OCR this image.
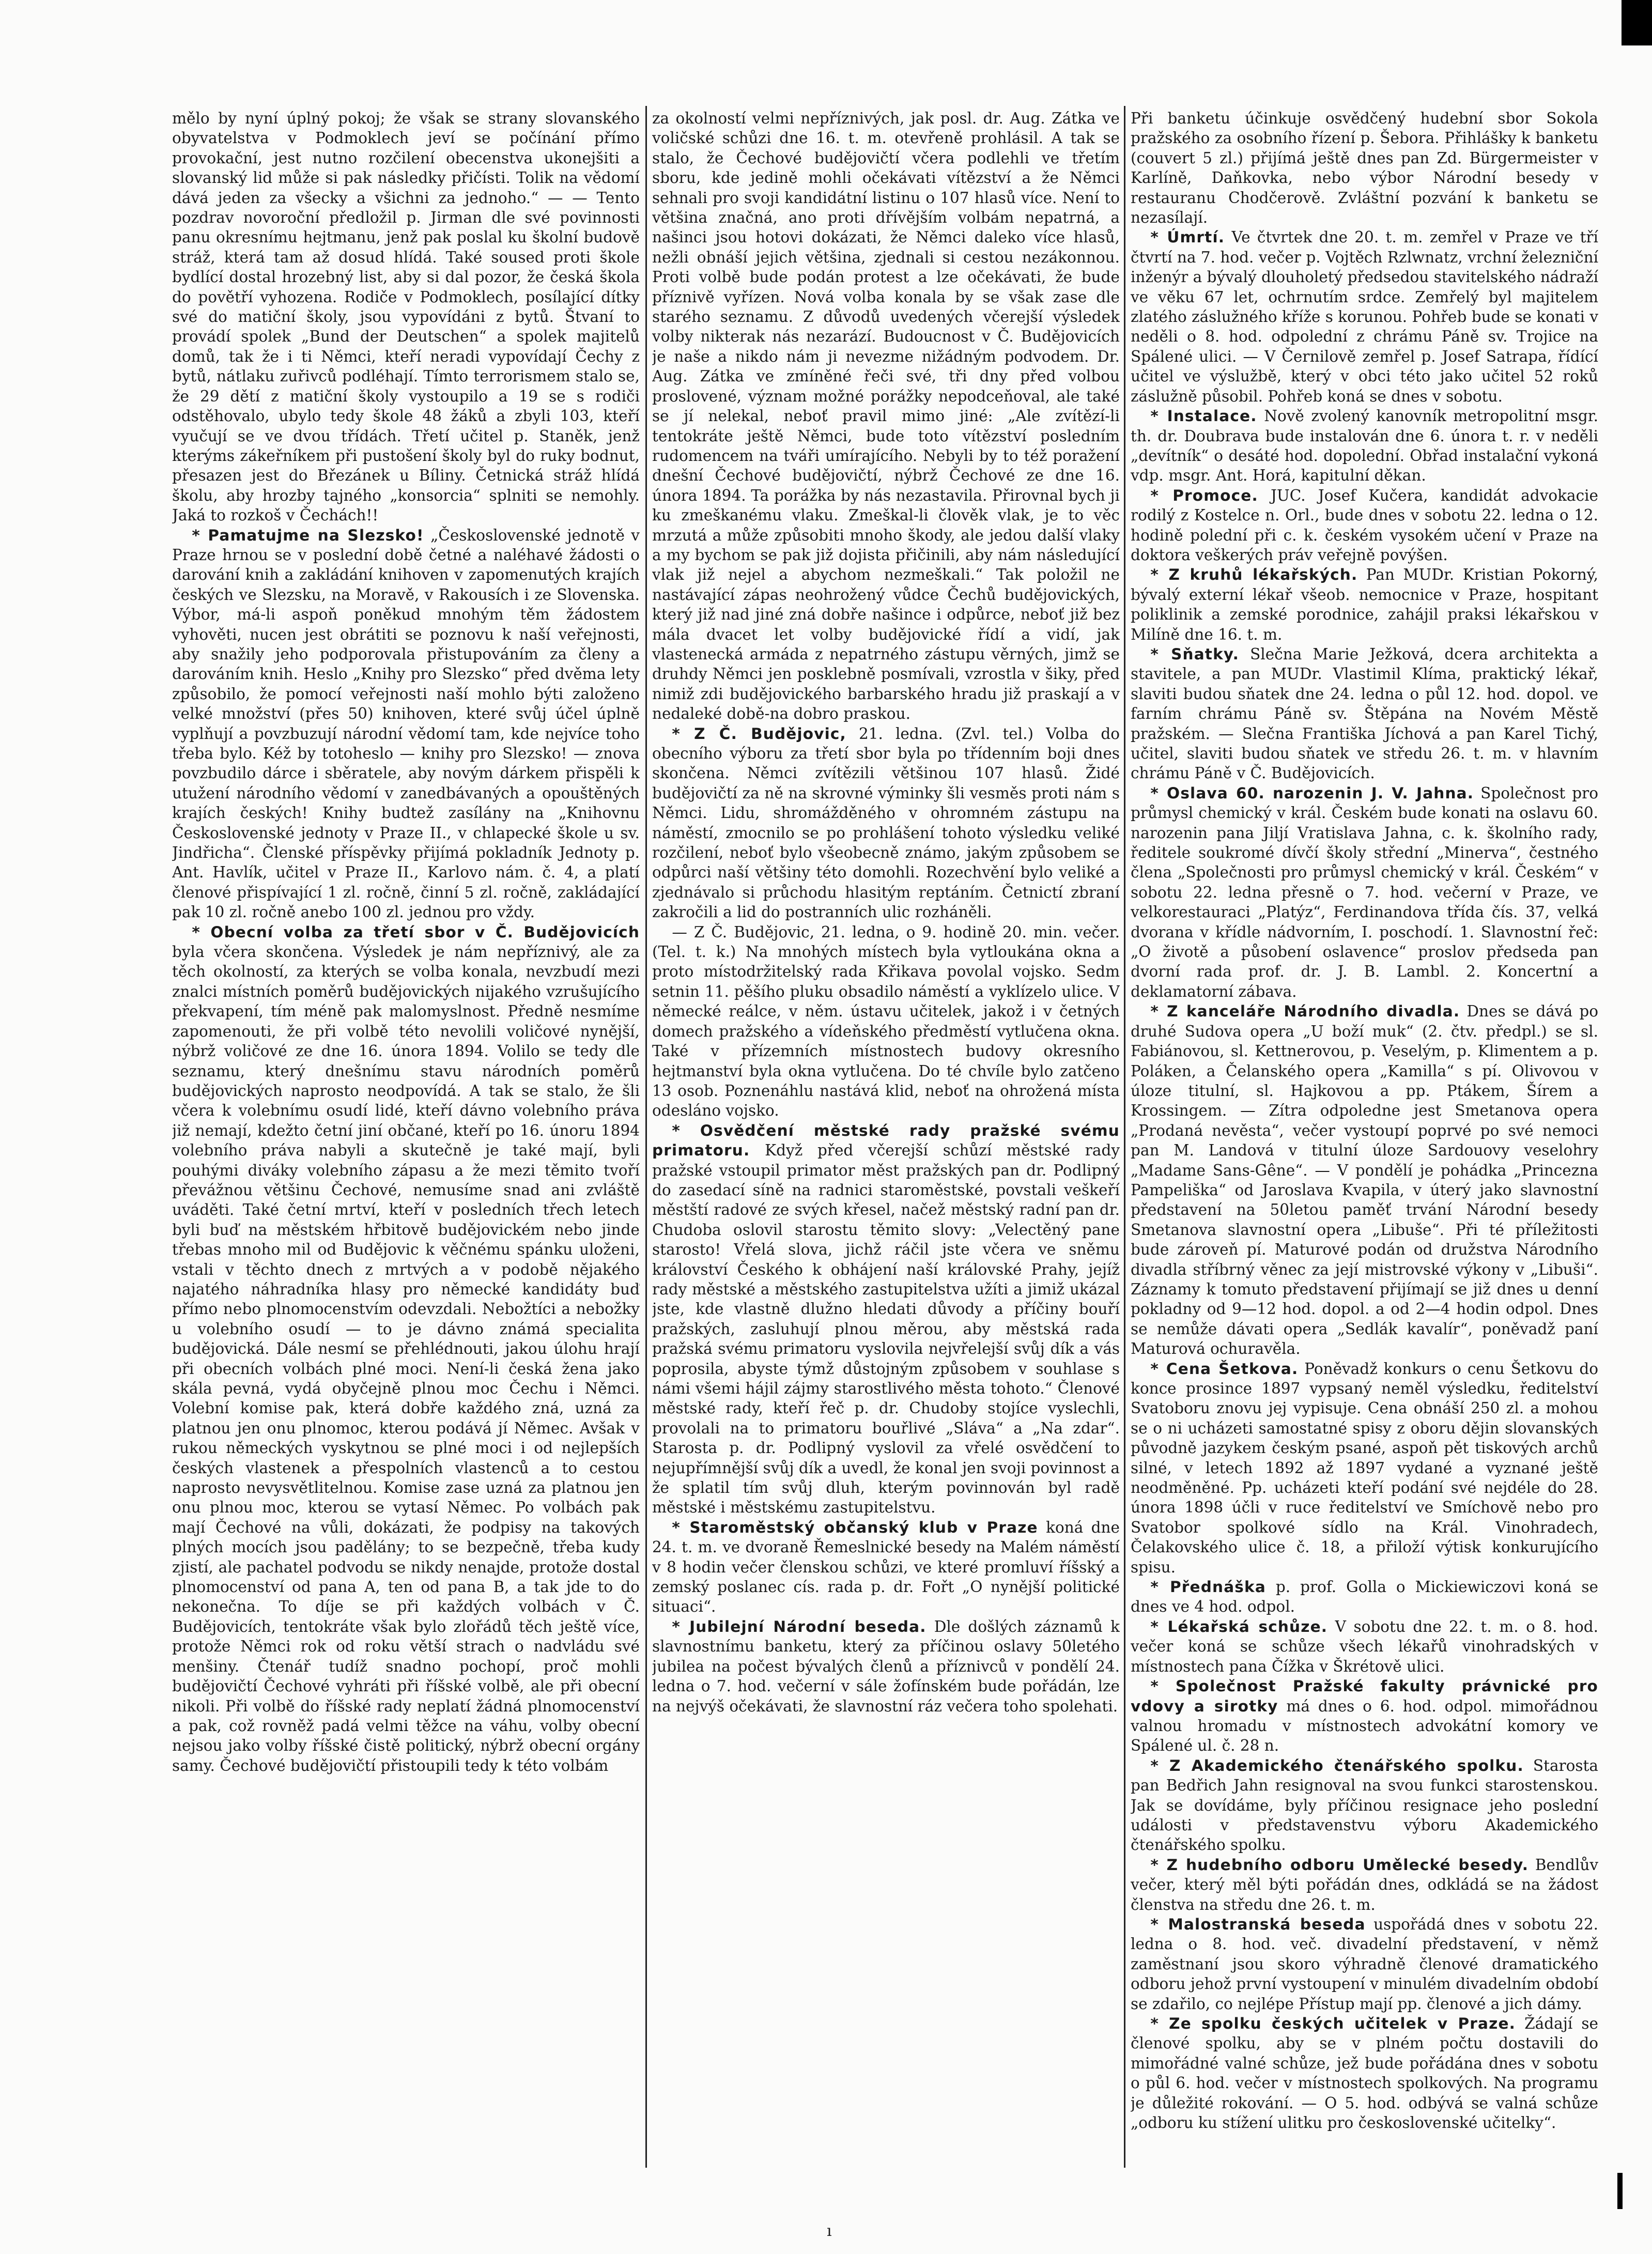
mělo by nyní úplný pokoj; že však se strany slovanského obyvatelstva v Podmoklech jeví se počínání přímo provokační, jest nutno rozčilení obecenstva ukonejšiti a slovanský lid může si pak následky přičísti. Tolik na vědomí dává jeden za všecky a všichni za jednoho.“ — — Tento pozdrav novoroční předložil p. Jirman dle své povinnosti panu okresnímu hejtmanu, jenž pak poslal ku školní budově stráž, která tam až dosud hlídá. Také soused proti škole bydlící dostal hrozebný list, aby si dal pozor, že česká škola do povětří vyhozena. Rodiče v Podmoklech, posílající dítky své do matiční školy, jsou vypovídáni z bytů. Štvaní to provádí spolek „Bund der Deutschen“ a spolek majitelů domů, tak že i ti Němci, kteří neradi vypovídají Čechy z bytů, nátlaku zuřivců podléhají. Tímto terrorismem stalo se, že 29 dětí z matiční školy vystoupilo a 19 se s rodiči odstěhovalo, ubylo tedy škole 48 žáků a zbyli 103, kteří vyučují se ve dvou třídách. Třetí učitel p. Staněk, jenž kterýms zákeřníkem při pustošení školy byl do ruky bodnut, přesazen jest do Březánek u Bíliny. Četnická stráž hlídá školu, aby hrozby tajného „konsorcia“ splniti se nemohly. Jaká to rozkoš v Čechách!!

* Pamatujme na Slezsko! „Československé jednotě v Praze hrnou se v poslední době četné a naléhavé žádosti o darování knih a zakládání knihoven v zapomenutých krajích českých ve Slezsku, na Moravě, v Rakousích i ze Slovenska. Výbor, má-li aspoň poněkud mnohým těm žádostem vyhověti, nucen jest obrátiti se poznovu k naší veřejnosti, aby snažily jeho podporovala přistupováním za členy a darováním knih. Heslo „Knihy pro Slezsko“ před dvěma lety způsobilo, že pomocí veřejnosti naší mohlo býti založeno velké množství (přes 50) knihoven, které svůj účel úplně vyplňují a povzbuzují národní vědomí tam, kde nejvíce toho třeba bylo. Kéž by totoheslo — knihy pro Slezsko! — znova povzbudilo dárce i sběratele, aby novým dárkem přispěli k utužení národního vědomí v zanedbávaných a opouštěných krajích českých! Knihy budtež zasílány na „Knihovnu Československé jednoty v Praze II., v chlapecké škole u sv. Jindřicha“. Členské příspěvky přijímá pokladník Jednoty p. Ant. Havlík, učitel v Praze II., Karlovo nám. č. 4, a platí členové přispívající 1 zl. ročně, činní 5 zl. ročně, zakládající pak 10 zl. ročně anebo 100 zl. jednou pro vždy.

* Obecní volba za třetí sbor v Č. Budějovicích byla včera skončena. Výsledek je nám nepříznivý, ale za těch okolností, za kterých se volba konala, nevzbudí mezi znalci místních poměrů budějovických nijakého vzrušujícího překvapení, tím méně pak malomyslnost. Předně nesmíme zapomenouti, že při volbě této nevolili voličové nynější, nýbrž voličové ze dne 16. února 1894. Volilo se tedy dle seznamu, který dnešnímu stavu národních poměrů budějovických naprosto neodpovídá. A tak se stalo, že šli včera k volebnímu osudí lidé, kteří dávno volebního práva již nemají, kdežto četní jiní občané, kteří po 16. únoru 1894 volebního práva nabyli a skutečně je také mají, byli pouhými diváky volebního zápasu a že mezi těmito tvoří převážnou většinu Čechové, nemusíme snad ani zvláště uváděti. Také četní mrtví, kteří v posledních třech letech byli buď na městském hřbitově budějovickém nebo jinde třebas mnoho mil od Budějovic k věčnému spánku uloženi, vstali v těchto dnech z mrtvých a v podobě nějakého najatého náhradníka hlasy pro německé kandidáty buď přímo nebo plnomocenstvím odevzdali. Nebožtíci a nebožky u volebního osudí — to je dávno známá specialita budějovická. Dále nesmí se přehlédnouti, jakou úlohu hrají při obecních volbách plné moci. Není-li česká žena jako skála pevná, vydá obyčejně plnou moc Čechu i Němci. Volební komise pak, která dobře každého zná, uzná za platnou jen onu plnomoc, kterou podává jí Němec. Avšak v rukou německých vyskytnou se plné moci i od nejlepších českých vlastenek a přespolních vlastenců a to cestou naprosto nevysvětlitelnou. Komise zase uzná za platnou jen onu plnou moc, kterou se vytasí Němec. Po volbách pak mají Čechové na vůli, dokázati, že podpisy na takových plných mocích jsou padělány; to se bezpečně, třeba kudy zjistí, ale pachatel podvodu se nikdy nenajde, protože dostal plnomocenství od pana A, ten od pana B, a tak jde to do nekonečna. To díje se při každých volbách v Č. Budějovicích, tentokráte však bylo zlořádů těch ještě více, protože Němci rok od roku větší strach o nadvládu své menšiny. Čtenář tudíž snadno pochopí, proč mohli budějovičtí Čechové vyhráti při říšské volbě, ale při obecní nikoli. Při volbě do říšské rady neplatí žádná plnomocenství a pak, což rovněž padá velmi těžce na váhu, volby obecní nejsou jako volby říšské čistě politický, nýbrž obecní orgány samy. Čechové budějovičtí přistoupili tedy k této volbám

za okolností velmi nepříznivých, jak posl. dr. Aug. Zátka ve voličské schůzi dne 16. t. m. otevřeně prohlásil. A tak se stalo, že Čechové budějovičtí včera podlehli ve třetím sboru, kde jedině mohli očekávati vítězství a že Němci sehnali pro svoji kandidátní listinu o 107 hlasů více. Není to většina značná, ano proti dřívějším volbám nepatrná, a našinci jsou hotovi dokázati, že Němci daleko více hlasů, nežli obnáší jejich většina, zjednali si cestou nezákonnou. Proti volbě bude podán protest a lze očekávati, že bude příznivě vyřízen. Nová volba konala by se však zase dle starého seznamu. Z důvodů uvedených včerejší výsledek volby nikterak nás nezarází. Budoucnost v Č. Budějovicích je naše a nikdo nám ji nevezme nižádným podvodem. Dr. Aug. Zátka ve zmíněné řeči své, tři dny před volbou proslovené, význam možné porážky nepodceňoval, ale také se jí nelekal, neboť pravil mimo jiné: „Ale zvítězí-li tentokráte ještě Němci, bude toto vítězství posledním rudomencem na tváři umírajícího. Nebyli by to též poražení dnešní Čechové budějovičtí, nýbrž Čechové ze dne 16. února 1894. Ta porážka by nás nezastavila. Přirovnal bych ji ku zmeškanému vlaku. Zmeškal-li člověk vlak, je to věc mrzutá a může způsobiti mnoho škody, ale jedou další vlaky a my bychom se pak již dojista přičinili, aby nám následující vlak již nejel a abychom nezmeškali.“ Tak položil ne nastávající zápas neohrožený vůdce Čechů budějovických, který již nad jiné zná dobře našince i odpůrce, neboť již bez mála dvacet let volby budějovické řídí a vidí, jak vlastenecká armáda z nepatrného zástupu věrných, jimž se druhdy Němci jen posklebně posmívali, vzrostla v šiky, před nimiž zdi budějovického barbarského hradu již praskají a v nedaleké době-na dobro praskou.

* Z Č. Budějovic, 21. ledna. (Zvl. tel.) Volba do obecního výboru za třetí sbor byla po třídenním boji dnes skončena. Němci zvítězili většinou 107 hlasů. Židé budějovičtí za ně na skrovné výminky šli vesměs proti nám s Němci. Lidu, shromážděného v ohromném zástupu na náměstí, zmocnilo se po prohlášení tohoto výsledku veliké rozčilení, neboť bylo všeobecně známo, jakým způsobem se odpůrci naší většiny této domohli. Rozechvění bylo veliké a zjednávalo si průchodu hlasitým reptáním. Četnictí zbraní zakročili a lid do postranních ulic rozháněli.

— Z Č. Budějovic, 21. ledna, o 9. hodině 20. min. večer. (Tel. t. k.) Na mnohých místech byla vytloukána okna a proto místodržitelský rada Křikava povolal vojsko. Sedm setnin 11. pěšího pluku obsadilo náměstí a vyklízelo ulice. V německé reálce, v něm. ústavu učitelek, jakož i v četných domech pražského a vídeňského předměstí vytlučena okna. Také v přízemních místnostech budovy okresního hejtmanství byla okna vytlučena. Do té chvíle bylo zatčeno 13 osob. Poznenáhlu nastává klid, neboť na ohrožená místa odesláno vojsko.

* Osvědčení městské rady pražské svému primatoru. Když před včerejší schůzí městské rady pražské vstoupil primator měst pražských pan dr. Podlipný do zasedací síně na radnici staroměstské, povstali veškeří městští radové ze svých křesel, načež městský radní pan dr. Chudoba oslovil starostu těmito slovy: „Velectěný pane starosto! Vřelá slova, jichž ráčil jste včera ve sněmu království Českého k obhájení naší královské Prahy, jejíž rady městské a městského zastupitelstva užíti a jimiž ukázal jste, kde vlastně dlužno hledati důvody a příčiny bouří pražských, zasluhují plnou měrou, aby městská rada pražská svému primatoru vyslovila nejvřelejší svůj dík a vás poprosila, abyste týmž důstojným způsobem v souhlase s námi všemi hájil zájmy starostlivého města tohoto.“ Členové městské rady, kteří řeč p. dr. Chudoby stojíce vyslechli, provolali na to primatoru bouřlivé „Sláva“ a „Na zdar“. Starosta p. dr. Podlipný vyslovil za vřelé osvědčení to nejupřímnější svůj dík a uvedl, že konal jen svoji povinnost a že splatil tím svůj dluh, kterým povinnován byl radě městské i městskému zastupitelstvu.

* Staroměstský občanský klub v Praze koná dne 24. t. m. ve dvoraně Řemeslnické besedy na Malém náměstí v 8 hodin večer členskou schůzi, ve které promluví říšský a zemský poslanec cís. rada p. dr. Fořt „O nynější politické situaci“.

* Jubilejní Národní beseda. Dle došlých záznamů k slavnostnímu banketu, který za příčinou oslavy 50letého jubilea na počest bývalých členů a příznivců v pondělí 24. ledna o 7. hod. večerní v sále žofínském bude pořádán, lze na nejvýš očekávati, že slavnostní ráz večera toho spolehati.

Při banketu účinkuje osvědčený hudební sbor Sokola pražského za osobního řízení p. Šebora. Přihlášky k banketu (couvert 5 zl.) přijímá ještě dnes pan Zd. Bürgermeister v Karlíně, Daňkovka, nebo výbor Národní besedy v restauranu Chodčerově. Zvláštní pozvání k banketu se nezasílají.

* Úmrtí. Ve čtvrtek dne 20. t. m. zemřel v Praze ve tří čtvrtí na 7. hod. večer p. Vojtěch Rzlwnatz, vrchní železniční inženýr a bývalý dlouholetý předsedou stavitelského nádraží ve věku 67 let, ochrnutím srdce. Zemřelý byl majitelem zlatého záslužného kříže s korunou. Pohřeb bude se konati v neděli o 8. hod. odpolední z chrámu Páně sv. Trojice na Spálené ulici. — V Černilově zemřel p. Josef Satrapa, řídící učitel ve výslužbě, který v obci této jako učitel 52 roků záslužně působil. Pohřeb koná se dnes v sobotu.

* Instalace. Nově zvolený kanovník metropolitní msgr. th. dr. Doubrava bude instalován dne 6. února t. r. v neděli „devítník“ o desáté hod. dopolední. Obřad instalační vykoná vdp. msgr. Ant. Horá, kapitulní děkan.

* Promoce. JUC. Josef Kučera, kandidát advokacie rodilý z Kostelce n. Orl., bude dnes v sobotu 22. ledna o 12. hodině polední při c. k. českém vysokém učení v Praze na doktora veškerých práv veřejně povýšen.

* Z kruhů lékařských. Pan MUDr. Kristian Pokorný, bývalý externí lékař všeob. nemocnice v Praze, hospitant poliklinik a zemské porodnice, zahájil praksi lékařskou v Milíně dne 16. t. m.

* Sňatky. Slečna Marie Ježková, dcera architekta a stavitele, a pan MUDr. Vlastimil Klíma, praktický lékař, slaviti budou sňatek dne 24. ledna o půl 12. hod. dopol. ve farním chrámu Páně sv. Štěpána na Novém Městě pražském. — Slečna Františka Jíchová a pan Karel Tichý, učitel, slaviti budou sňatek ve středu 26. t. m. v hlavním chrámu Páně v Č. Budějovicích.

* Oslava 60. narozenin J. V. Jahna. Společnost pro průmysl chemický v král. Českém bude konati na oslavu 60. narozenin pana Jiljí Vratislava Jahna, c. k. školního rady, ředitele soukromé dívčí školy střední „Minerva“, čestného člena „Společnosti pro průmysl chemický v král. Českém“ v sobotu 22. ledna přesně o 7. hod. večerní v Praze, ve velkorestauraci „Platýz“, Ferdinandova třída čís. 37, velká dvorana v křídle nádvorním, I. poschodí. 1. Slavnostní řeč: „O životě a působení oslavence“ proslov předseda pan dvorní rada prof. dr. J. B. Lambl. 2. Koncertní a deklamatorní zábava.

* Z kanceláře Národního divadla. Dnes se dává po druhé Sudova opera „U boží muk“ (2. čtv. předpl.) se sl. Fabiánovou, sl. Kettnerovou, p. Veselým, p. Klimentem a p. Poláken, a Čelanského opera „Kamilla“ s pí. Olivovou v úloze titulní, sl. Hajkovou a pp. Ptákem, Šírem a Krossingem. — Zítra odpoledne jest Smetanova opera „Prodaná nevěsta“, večer vystoupí poprvé po své nemoci pan M. Landová v titulní úloze Sardouovy veselohry „Madame Sans-Gêne“. — V pondělí je pohádka „Princezna Pampeliška“ od Jaroslava Kvapila, v úterý jako slavnostní představení na 50letou paměť trvání Národní besedy Smetanova slavnostní opera „Libuše“. Při té příležitosti bude zároveň pí. Maturové podán od družstva Národního divadla stříbrný věnec za její mistrovské výkony v „Libuši“. Záznamy k tomuto představení přijímají se již dnes u denní pokladny od 9—12 hod. dopol. a od 2—4 hodin odpol. Dnes se nemůže dávati opera „Sedlák kavalír“, poněvadž paní Maturová ochuravěla.

* Cena Šetkova. Poněvadž konkurs o cenu Šetkovu do konce prosince 1897 vypsaný neměl výsledku, ředitelství Svatoboru znovu jej vypisuje. Cena obnáší 250 zl. a mohou se o ni ucházeti samostatné spisy z oboru dějin slovanských původně jazykem českým psané, aspoň pět tiskových archů silné, v letech 1892 až 1897 vydané a vyznané ještě neodměněné. Pp. ucházeti kteří podání své nejdéle do 28. února 1898 účli v ruce ředitelství ve Smíchově nebo pro Svatobor spolkové sídlo na Král. Vinohradech, Čelakovského ulice č. 18, a přiloží výtisk konkurujícího spisu.

* Přednáška p. prof. Golla o Mickiewiczovi koná se dnes ve 4 hod. odpol.

* Lékařská schůze. V sobotu dne 22. t. m. o 8. hod. večer koná se schůze všech lékařů vinohradských v místnostech pana Čížka v Škrétově ulici.

* Společnost Pražské fakulty právnické pro vdovy a sirotky má dnes o 6. hod. odpol. mimořádnou valnou hromadu v místnostech advokátní komory ve Spálené ul. č. 28 n.

* Z Akademického čtenářského spolku. Starosta pan Bedřich Jahn resignoval na svou funkci starostenskou. Jak se dovídáme, byly příčinou resignace jeho poslední události v představenstvu výboru Akademického čtenářského spolku.

* Z hudebního odboru Umělecké besedy. Bendlův večer, který měl býti pořádán dnes, odkládá se na žádost členstva na středu dne 26. t. m.

* Malostranská beseda uspořádá dnes v sobotu 22. ledna o 8. hod. več. divadelní představení, v němž zaměstnaní jsou skoro výhradně členové dramatického odboru jehož první vystoupení v minulém divadelním období se zdařilo, co nejlépe Přístup mají pp. členové a jich dámy.

* Ze spolku českých učitelek v Praze. Žádají se členové spolku, aby se v plném počtu dostavili do mimořádné valné schůze, jež bude pořádána dnes v sobotu o půl 6. hod. večer v místnostech spolkových. Na programu je důležité rokování. — O 5. hod. odbývá se valná schůze „odboru ku stížení ulitku pro československé učitelky“.

ı
